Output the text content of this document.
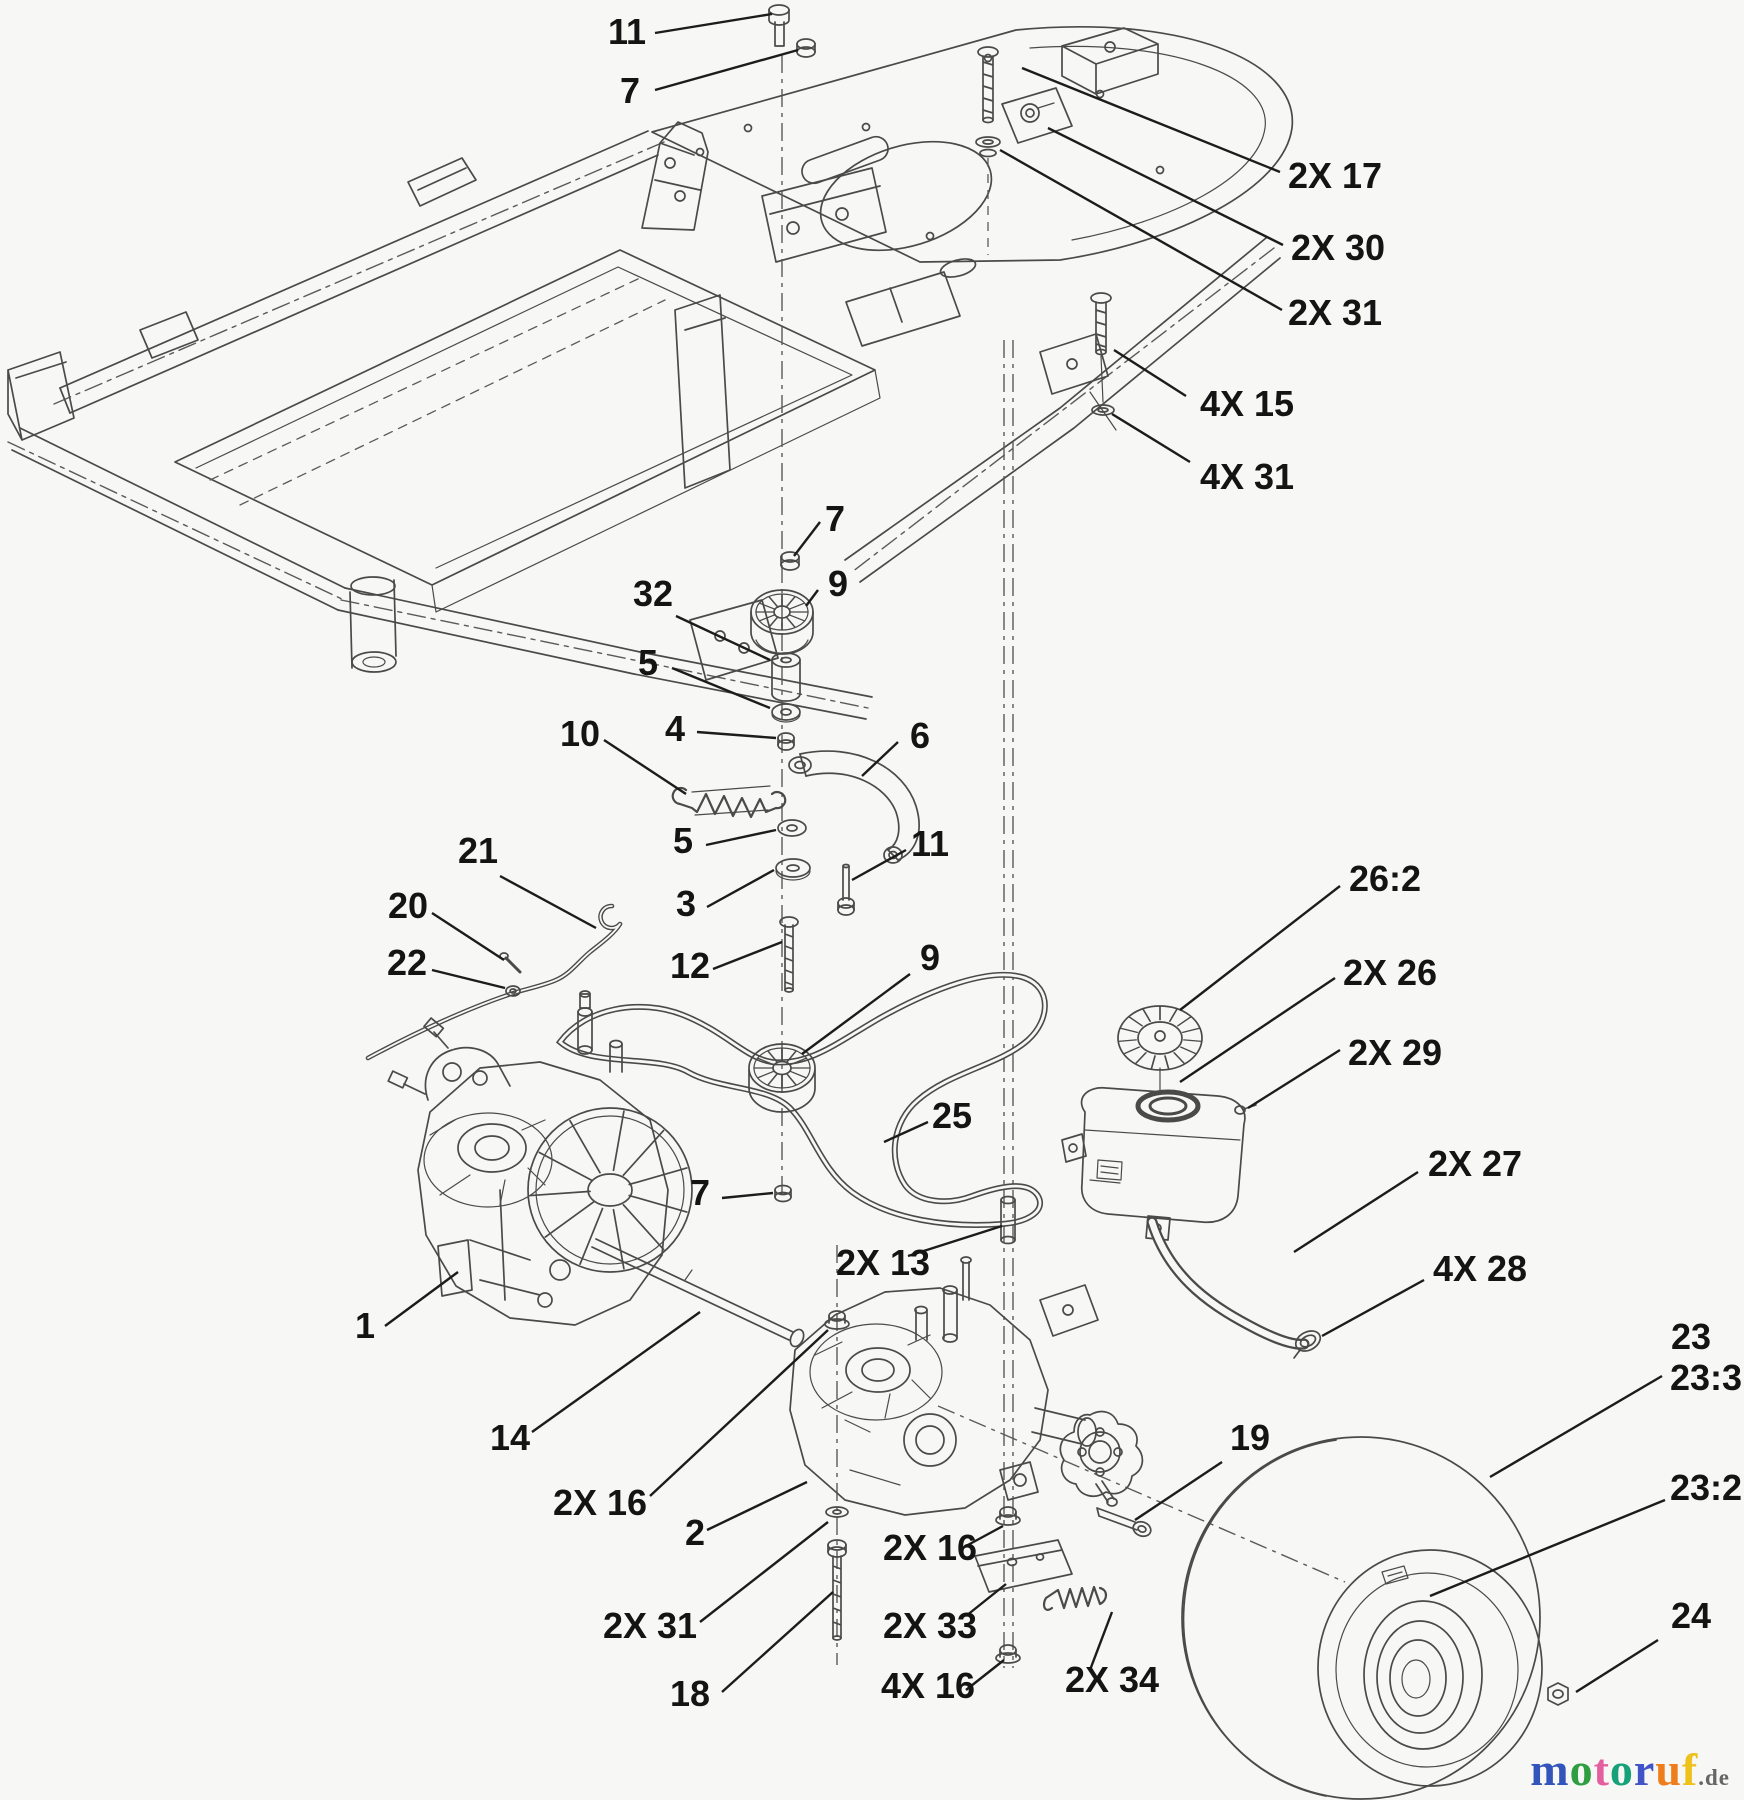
11
7
2X 17
2X 30
2X 31
4X 15
4X 31
7
9
32
5
4	6
10
5	11
3
12
21
20
22	9
25
7
2X 13
1
14
2X 16
2
2X 31
18
26:2
2X 26
2X 29
2X 27
4X 28
2X 16
2X 33
4X 16 2X 34
19
23
23:3
23:2
24
motoruf.de
